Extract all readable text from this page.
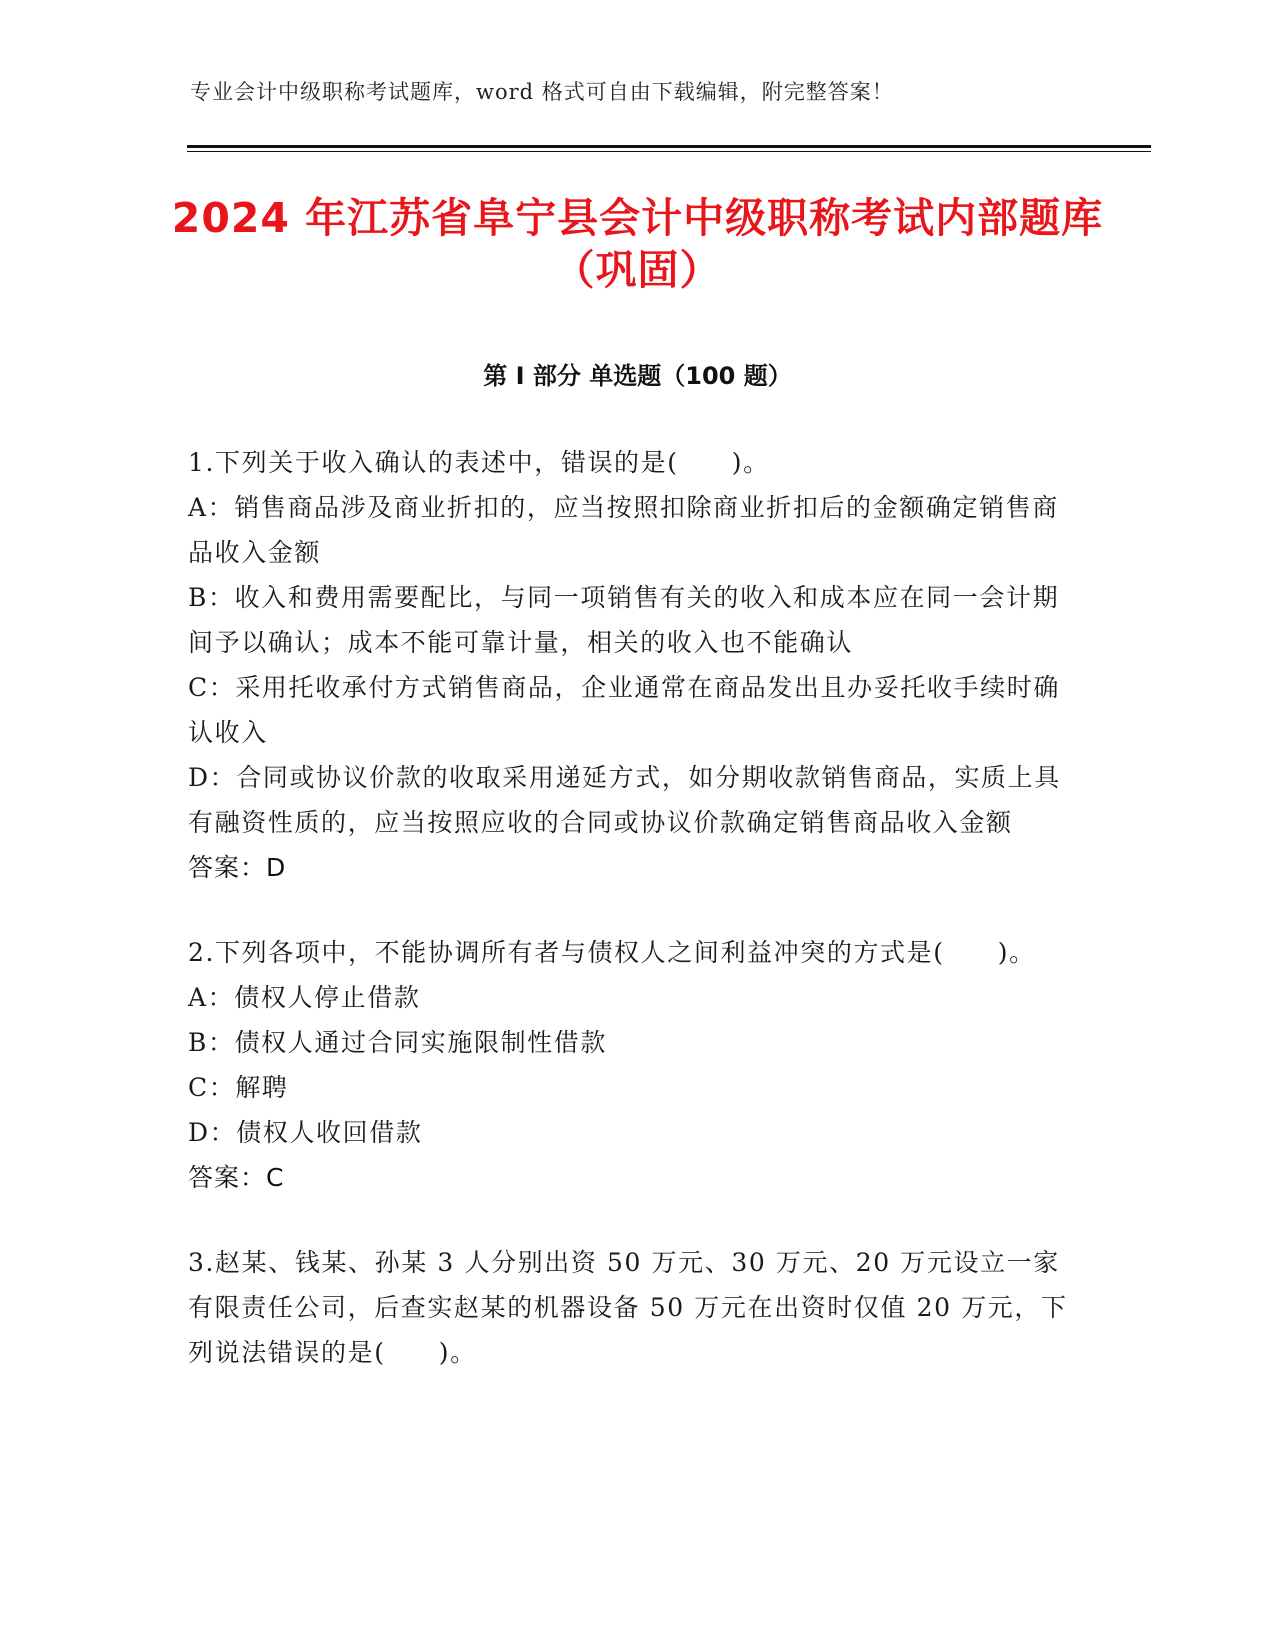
专业会计中级职称考试题库，word 格式可自由下载编辑，附完整答案！
2024 年江苏省阜宁县会计中级职称考试内部题库（巩固）
第 I 部分 单选题（100 题）

1.下列关于收入确认的表述中，错误的是(　　)。

A：销售商品涉及商业折扣的，应当按照扣除商业折扣后的金额确定销售商品收入金额

B：收入和费用需要配比，与同一项销售有关的收入和成本应在同一会计期间予以确认；成本不能可靠计量，相关的收入也不能确认

C：采用托收承付方式销售商品，企业通常在商品发出且办妥托收手续时确认收入

D：合同或协议价款的收取采用递延方式，如分期收款销售商品，实质上具有融资性质的，应当按照应收的合同或协议价款确定销售商品收入金额

答案：D

2.下列各项中，不能协调所有者与债权人之间利益冲突的方式是(　　)。

A：债权人停止借款

B：债权人通过合同实施限制性借款

C：解聘

D：债权人收回借款

答案：C

3.赵某、钱某、孙某 3 人分别出资 50 万元、30 万元、20 万元设立一家有限责任公司，后查实赵某的机器设备 50 万元在出资时仅值 20 万元，下列说法错误的是(　　)。
